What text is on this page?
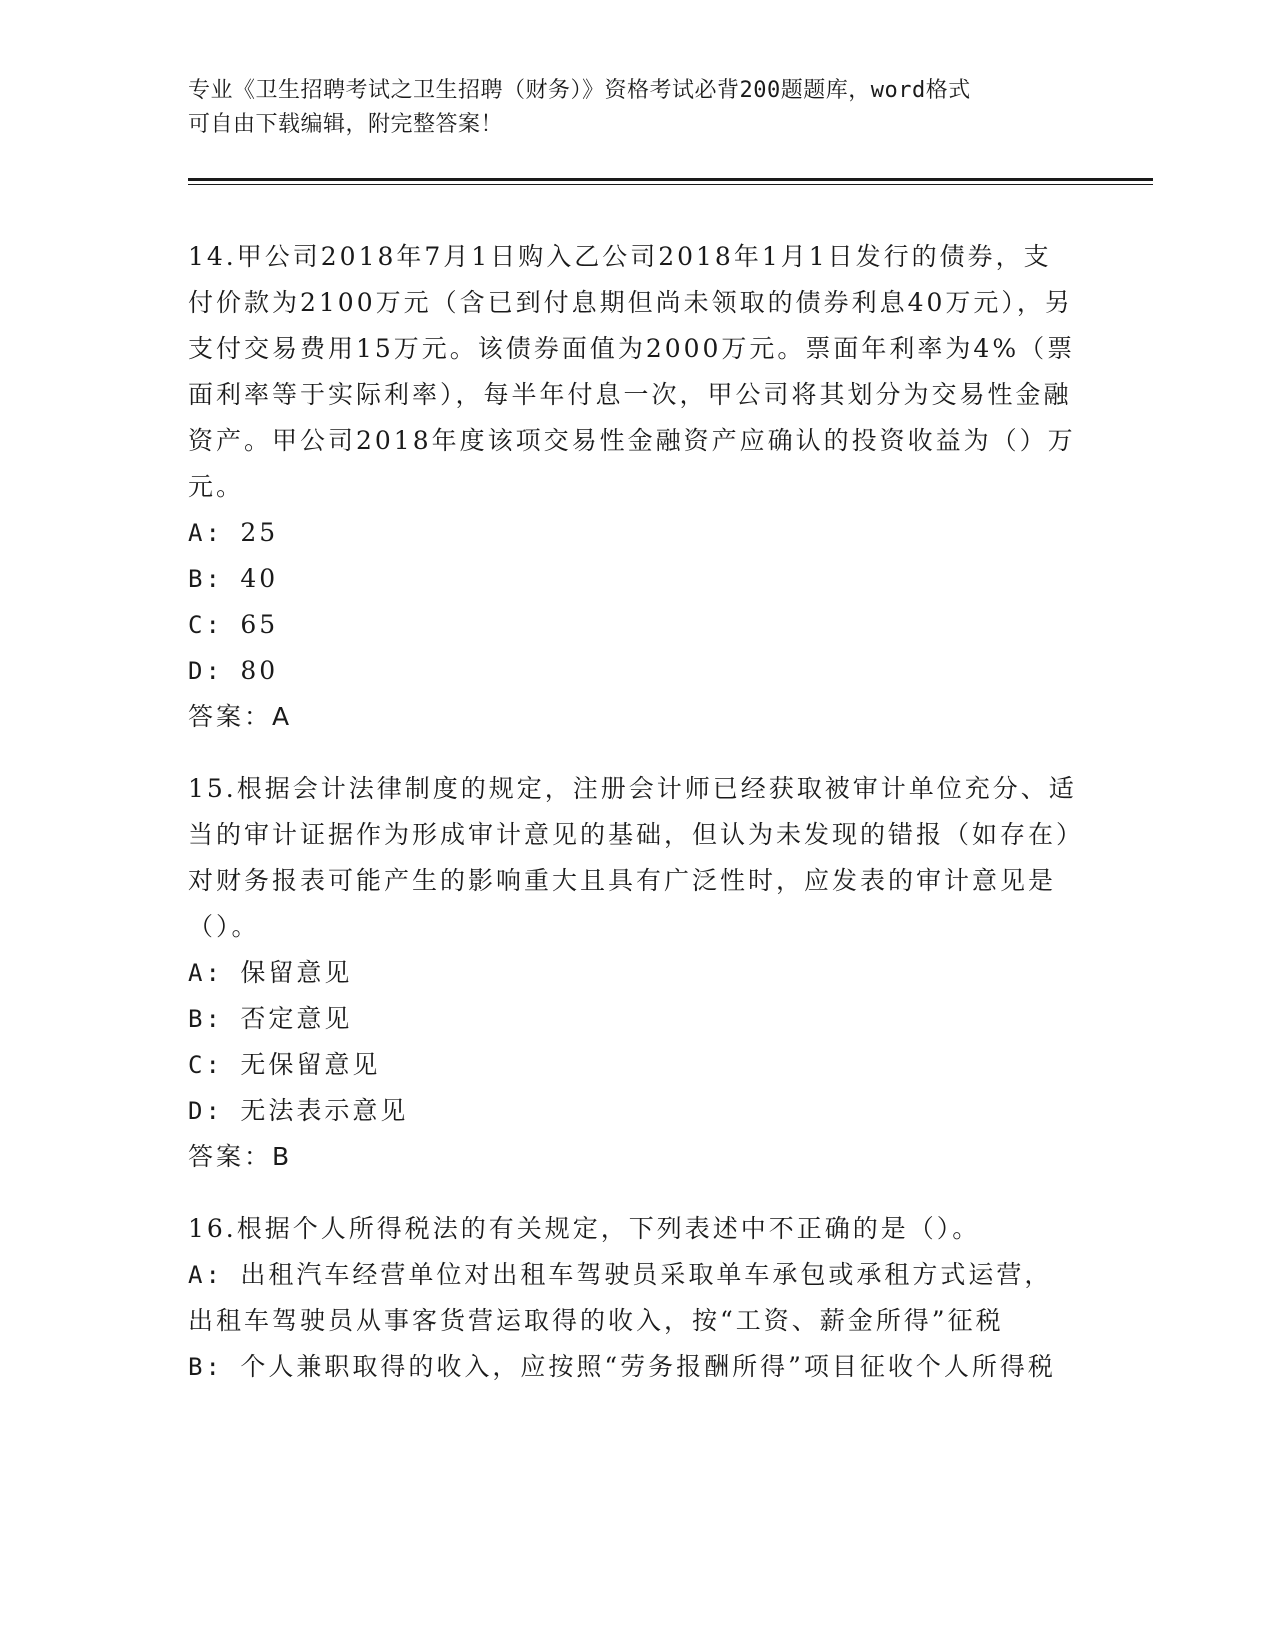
专业《卫生招聘考试之卫生招聘（财务）》资格考试必背200题题库，word格式
可自由下载编辑，附完整答案！

14.甲公司2018年7月1日购入乙公司2018年1月1日发行的债券，支付价款为2100万元（含已到付息期但尚未领取的债券利息40万元），另支付交易费用15万元。该债券面值为2000万元。票面年利率为4%（票面利率等于实际利率），每半年付息一次，甲公司将其划分为交易性金融资产。甲公司2018年度该项交易性金融资产应确认的投资收益为（）万元。

A: 25

B: 40

C: 65

D: 80

答案：A

15.根据会计法律制度的规定，注册会计师已经获取被审计单位充分、适当的审计证据作为形成审计意见的基础，但认为未发现的错报（如存在）对财务报表可能产生的影响重大且具有广泛性时，应发表的审计意见是（）。

A: 保留意见

B: 否定意见

C: 无保留意见

D: 无法表示意见

答案：B

16.根据个人所得税法的有关规定，下列表述中不正确的是（）。

A: 出租汽车经营单位对出租车驾驶员采取单车承包或承租方式运营，出租车驾驶员从事客货营运取得的收入，按“工资、薪金所得”征税

B: 个人兼职取得的收入，应按照“劳务报酬所得”项目征收个人所得税
